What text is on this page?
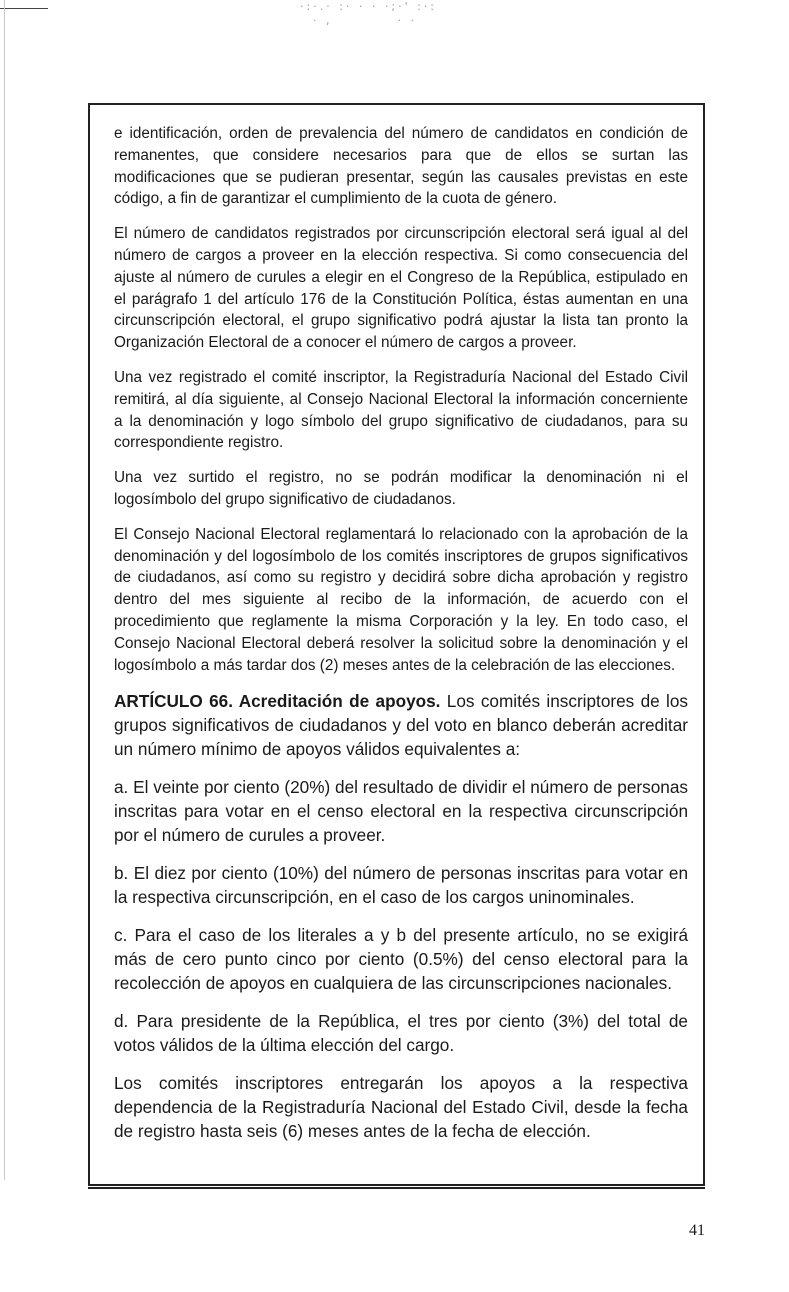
·:·.· :· · · ·;·' :·:
· ,          · ·

e identificación, orden de prevalencia del número de candidatos en condición de remanentes, que considere necesarios para que de ellos se surtan las modificaciones que se pudieran presentar, según las causales previstas en este código, a fin de garantizar el cumplimiento de la cuota de género.

El número de candidatos registrados por circunscripción electoral será igual al del número de cargos a proveer en la elección respectiva. Si como consecuencia del ajuste al número de curules a elegir en el Congreso de la República, estipulado en el parágrafo 1 del artículo 176 de la Constitución Política, éstas aumentan en una circunscripción electoral, el grupo significativo podrá ajustar la lista tan pronto la Organización Electoral de a conocer el número de cargos a proveer.

Una vez registrado el comité inscriptor, la Registraduría Nacional del Estado Civil remitirá, al día siguiente, al Consejo Nacional Electoral la información concerniente a la denominación y logo símbolo del grupo significativo de ciudadanos, para su correspondiente registro.

Una vez surtido el registro, no se podrán modificar la denominación ni el logosímbolo del grupo significativo de ciudadanos.

El Consejo Nacional Electoral reglamentará lo relacionado con la aprobación de la denominación y del logosímbolo de los comités inscriptores de grupos significativos de ciudadanos, así como su registro y decidirá sobre dicha aprobación y registro dentro del mes siguiente al recibo de la información, de acuerdo con el procedimiento que reglamente la misma Corporación y la ley. En todo caso, el Consejo Nacional Electoral deberá resolver la solicitud sobre la denominación y el logosímbolo a más tardar dos (2) meses antes de la celebración de las elecciones.

ARTÍCULO 66. Acreditación de apoyos. Los comités inscriptores de los grupos significativos de ciudadanos y del voto en blanco deberán acreditar un número mínimo de apoyos válidos equivalentes a:

a. El veinte por ciento (20%) del resultado de dividir el número de personas inscritas para votar en el censo electoral en la respectiva circunscripción por el número de curules a proveer.

b. El diez por ciento (10%) del número de personas inscritas para votar en la respectiva circunscripción, en el caso de los cargos uninominales.

c. Para el caso de los literales a y b del presente artículo, no se exigirá más de cero punto cinco por ciento (0.5%) del censo electoral para la recolección de apoyos en cualquiera de las circunscripciones nacionales.

d. Para presidente de la República, el tres por ciento (3%) del total de votos válidos de la última elección del cargo.

Los comités inscriptores entregarán los apoyos a la respectiva dependencia de la Registraduría Nacional del Estado Civil, desde la fecha de registro hasta seis (6) meses antes de la fecha de elección.

41
